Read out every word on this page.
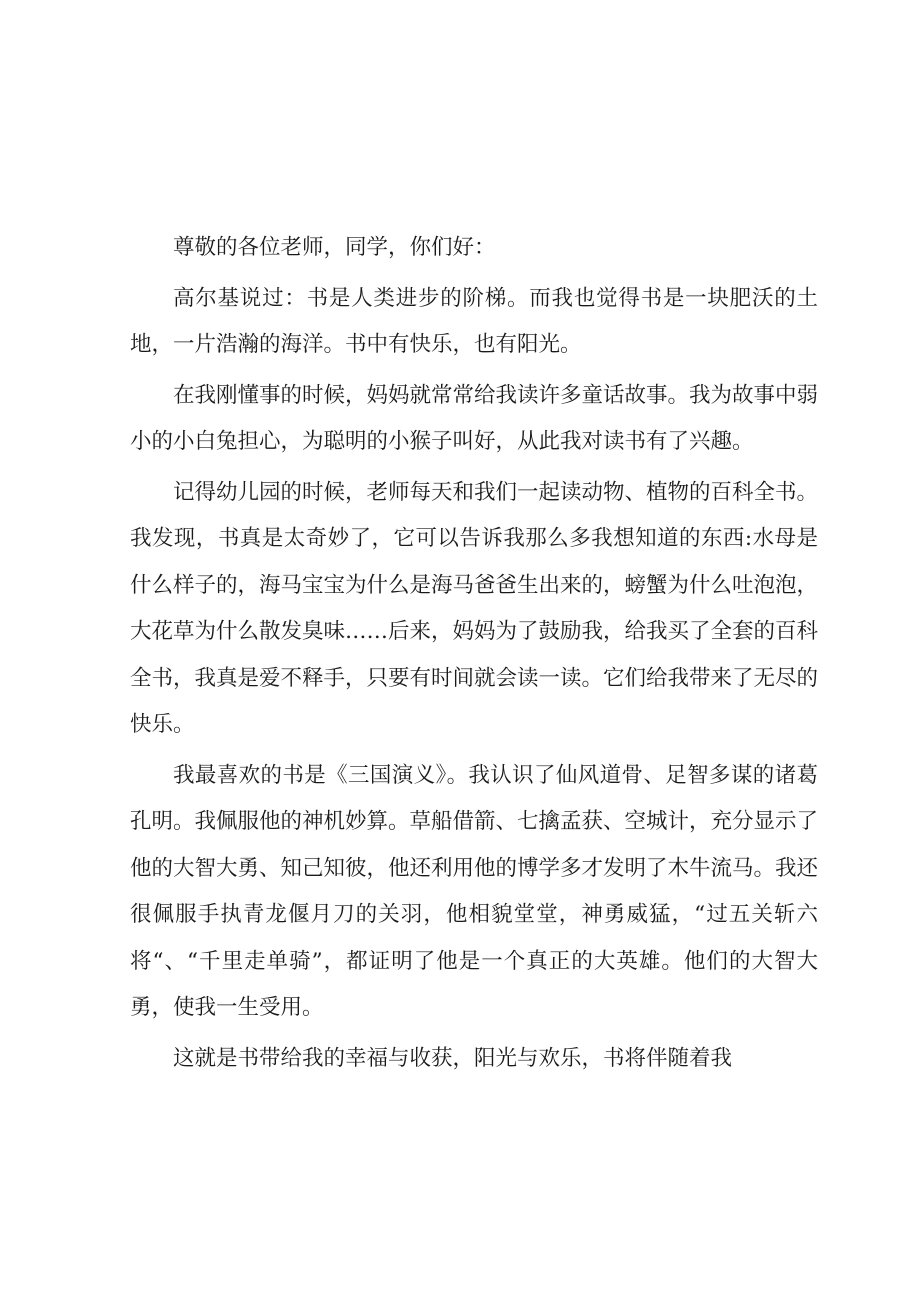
尊敬的各位老师，同学，你们好：

高尔基说过：书是人类进步的阶梯。而我也觉得书是一块肥沃的土地，一片浩瀚的海洋。书中有快乐，也有阳光。

在我刚懂事的时候，妈妈就常常给我读许多童话故事。我为故事中弱小的小白兔担心，为聪明的小猴子叫好，从此我对读书有了兴趣。

记得幼儿园的时候，老师每天和我们一起读动物、植物的百科全书。我发现，书真是太奇妙了，它可以告诉我那么多我想知道的东西:水母是什么样子的，海马宝宝为什么是海马爸爸生出来的，螃蟹为什么吐泡泡，大花草为什么散发臭味……后来，妈妈为了鼓励我，给我买了全套的百科全书，我真是爱不释手，只要有时间就会读一读。它们给我带来了无尽的快乐。

我最喜欢的书是《三国演义》。我认识了仙风道骨、足智多谋的诸葛孔明。我佩服他的神机妙算。草船借箭、七擒孟获、空城计，充分显示了他的大智大勇、知己知彼，他还利用他的博学多才发明了木牛流马。我还很佩服手执青龙偃月刀的关羽，他相貌堂堂，神勇威猛，“过五关斩六将“、“千里走单骑”，都证明了他是一个真正的大英雄。他们的大智大勇，使我一生受用。

这就是书带给我的幸福与收获，阳光与欢乐，书将伴随着我
